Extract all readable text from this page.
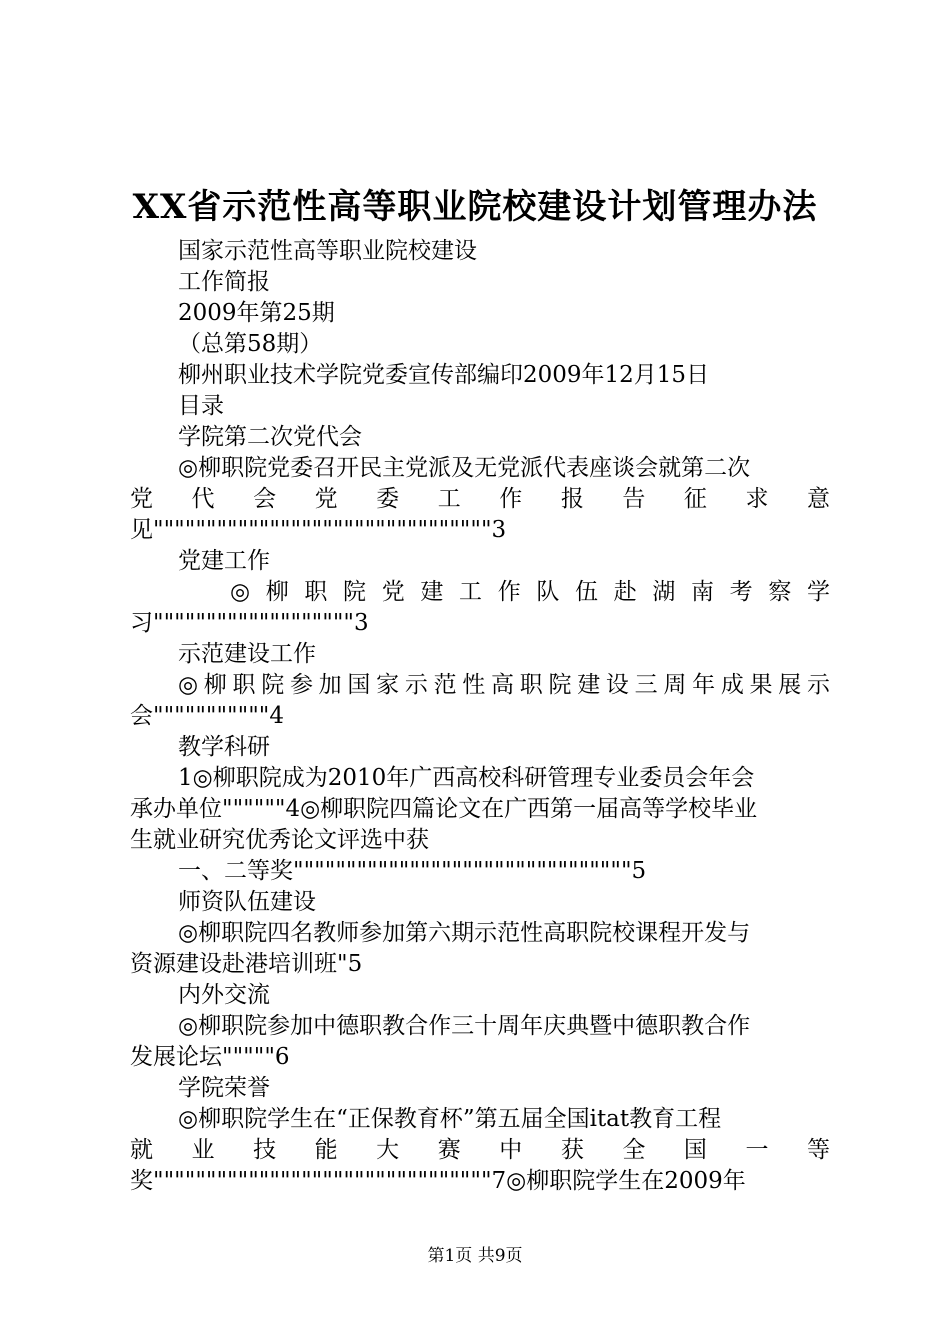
XX省示范性高等职业院校建设计划管理办法
国家示范性高等职业院校建设
工作简报
2009年第25期
（总第58期）
柳州职业技术学院党委宣传部编印2009年12月15日
目录
学院第二次党代会
◎柳职院党委召开民主党派及无党派代表座谈会就第二次
党 代 会 党 委 工 作 报 告 征 求 意
见""""""""""""""""""""""""""""""""3
党建工作
◎ 柳 职 院 党 建 工 作 队 伍 赴 湖 南 考 察 学
习"""""""""""""""""""3
示范建设工作
◎柳职院参加国家示范性高职院建设三周年成果展示
会"""""""""""4
教学科研
1◎柳职院成为2010年广西高校科研管理专业委员会年会
承办单位""""""4◎柳职院四篇论文在广西第一届高等学校毕业
生就业研究优秀论文评选中获
一、二等奖""""""""""""""""""""""""""""""""5
师资队伍建设
◎柳职院四名教师参加第六期示范性高职院校课程开发与
资源建设赴港培训班"5
内外交流
◎柳职院参加中德职教合作三十周年庆典暨中德职教合作
发展论坛"""""6
学院荣誉
◎柳职院学生在“正保教育杯”第五届全国itat教育工程
就 业 技 能 大 赛 中 获 全 国 一 等
奖""""""""""""""""""""""""""""""""7◎柳职院学生在2009年
第1页 共9页
